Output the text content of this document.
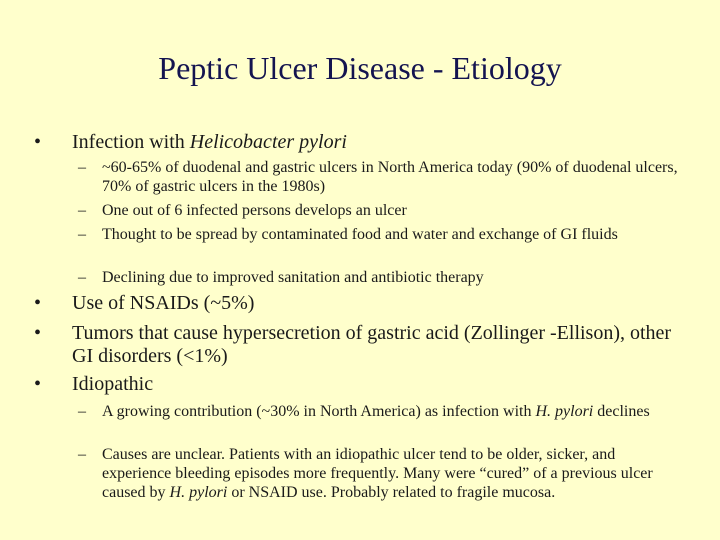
Peptic Ulcer Disease - Etiology
• Infection with Helicobacter pylori
– ~60-65% of duodenal and gastric ulcers in North America today (90% of duodenal ulcers, 70% of gastric ulcers in the 1980s)
– One out of 6 infected persons develops an ulcer
– Thought to be spread by contaminated food and water and exchange of GI fluids
– Declining due to improved sanitation and antibiotic therapy
• Use of NSAIDs (~5%)
• Tumors that cause hypersecretion of gastric acid (Zollinger -Ellison), other GI disorders (<1%)
• Idiopathic
– A growing contribution (~30% in North America) as infection with H. pylori declines
– Causes are unclear. Patients with an idiopathic ulcer tend to be older, sicker, and experience bleeding episodes more frequently. Many were “cured” of a previous ulcer caused by H. pylori or NSAID use. Probably related to fragile mucosa.
